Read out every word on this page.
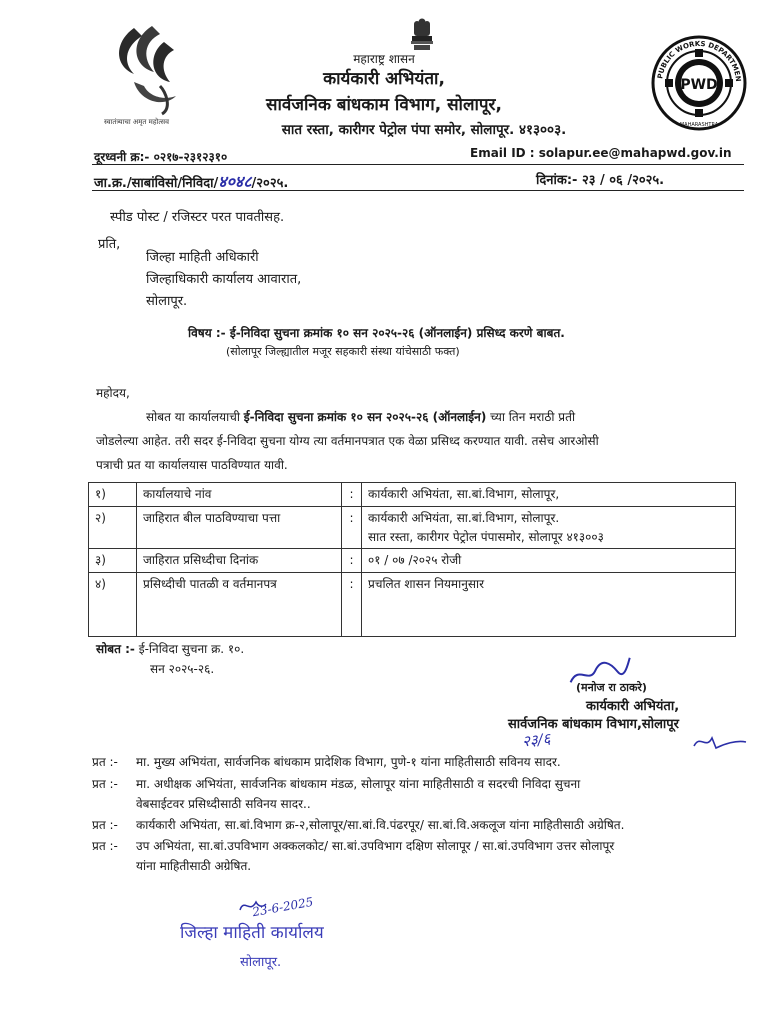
स्वातंत्र्याचा अमृत महोत्सव
PUBLIC WORKS DEPARTMEN
PWD
MAHARASHTRA
महाराष्ट्र शासन
कार्यकारी अभियंता,
सार्वजनिक बांधकाम विभाग, सोलापूर,
सात रस्ता, कारीगर पेट्रोल पंपा समोर, सोलापूर. ४१३००३.
दूरध्वनी क्र:- ०२१७-२३१२३१०	Email ID : solapur.ee@mahapwd.gov.in
जा.क्र./साबांविसो/निविदा/४०४८/२०२५.	दिनांक:- २३ / ०६ /२०२५.
स्पीड पोस्ट / रजिस्टर परत पावतीसह.
प्रति,
जिल्हा माहिती अधिकारी
जिल्हाधिकारी कार्यालय आवारात,
सोलापूर.
विषय :- ई-निविदा सुचना क्रमांक १० सन २०२५-२६ (ऑनलाईन) प्रसिध्द करणे बाबत.
(सोलापूर जिल्ह्यातील मजूर सहकारी संस्था यांचेसाठी फक्त)
महोदय,
सोबत या कार्यालयाची ई-निविदा सुचना क्रमांक १० सन २०२५-२६ (ऑनलाईन) च्या तिन मराठी प्रती
जोडलेल्या आहेत. तरी सदर ई-निविदा सुचना योग्य त्या वर्तमानपत्रात एक वेळा प्रसिध्द करण्यात यावी. तसेच आरओसी
पत्राची प्रत या कार्यालयास पाठविण्यात यावी.
१)	कार्यालयाचे नांव	:	कार्यकारी अभियंता, सा.बां.विभाग, सोलापूर,

२)	जाहिरात बील पाठविण्याचा पत्ता	:	कार्यकारी अभियंता, सा.बां.विभाग, सोलापूर.
सात रस्ता, कारीगर पेट्रोल पंपासमोर, सोलापूर ४१३००३

३)	जाहिरात प्रसिध्दीचा दिनांक	:	०१ / ०७ /२०२५ रोजी

४)	प्रसिध्दीची पातळी व वर्तमानपत्र	:	प्रचलित शासन नियमानुसार
सोबत :- ई-निविदा सुचना क्र. १०.
सन २०२५-२६.
(मनोज रा ठाकरे)
कार्यकारी अभियंता,
सार्वजनिक बांधकाम विभाग,सोलापूर
२३/६
प्रत :- मा. मुख्य अभियंता, सार्वजनिक बांधकाम प्रादेशिक विभाग, पुणे-१ यांना माहितीसाठी सविनय सादर.
प्रत :- मा. अधीक्षक अभियंता, सार्वजनिक बांधकाम मंडळ, सोलापूर यांना माहितीसाठी व सदरची निविदा सुचना
वेबसाईटवर प्रसिध्दीसाठी सविनय सादर..
प्रत :- कार्यकारी अभियंता, सा.बां.विभाग क्र-२,सोलापूर/सा.बां.वि.पंढरपूर/ सा.बां.वि.अकलूज यांना माहितीसाठी अग्रेषित.
प्रत :- उप अभियंता, सा.बां.उपविभाग अक्कलकोट/ सा.बां.उपविभाग दक्षिण सोलापूर / सा.बां.उपविभाग उत्तर सोलापूर
यांना माहितीसाठी अग्रेषित.
23-6-2025
जिल्हा माहिती कार्यालय
सोलापूर.
